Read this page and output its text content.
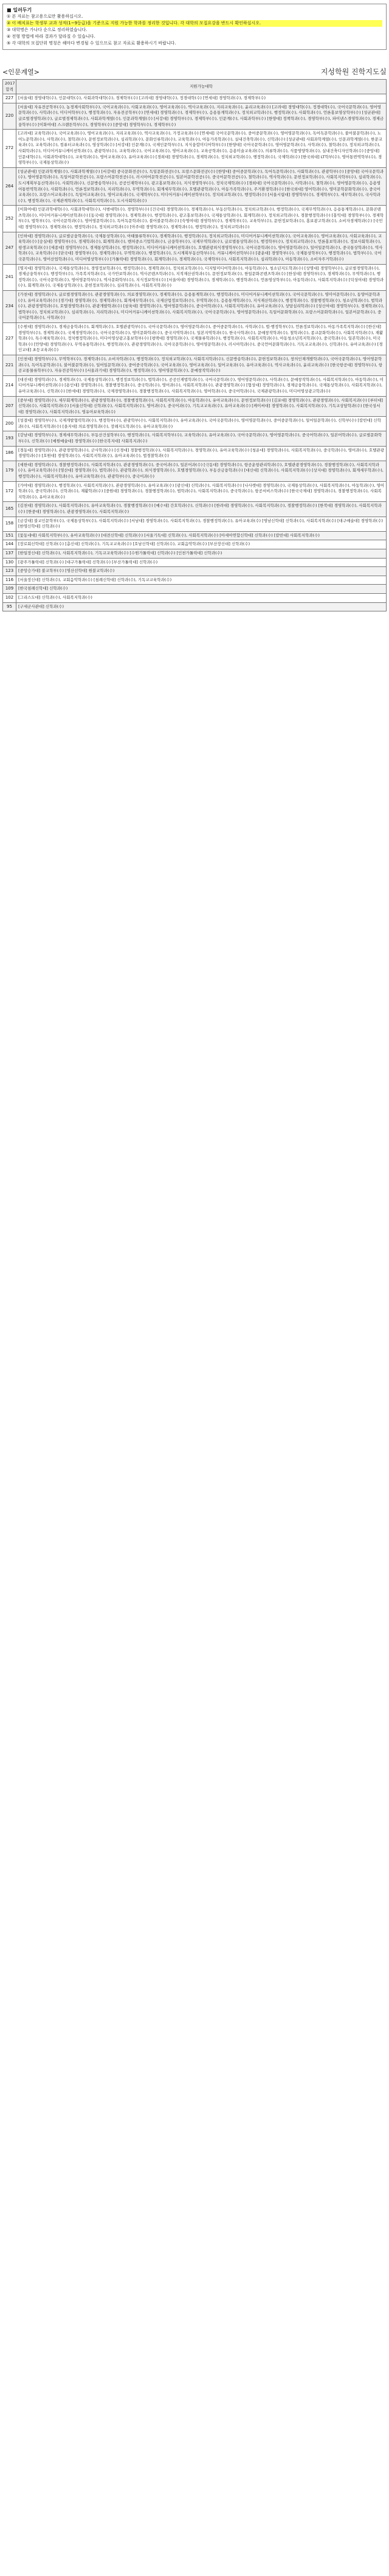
■ 일러두기
① 본 자료는 참고용으로만 활용하십시오.
② 이 배치표는 학생부 교과 성적(1~9등급)을 기준으로 지원 가능한 학과를 정리한 것입니다. 각 대학의 모집요강을 반드시 확인하십시오.
③ 대학명은 가나다 순으로 정리하였습니다.
④ 전형 방법에 따라 결과가 달라질 수 있습니다.
⑤ 각 대학의 모집단위 명칭은 해마다 변경될 수 있으므로 참고 자료로 활용하시기 바랍니다.
<인문계열>	지성학원 진학지도실
2017 합격	지원가능대학
227	[서울대] 경영대학(수), 인문대학(수), 사회과학대학(수), 경제학부(수) [고려대] 경영대학(수), 정경대학(수) [연세대] 경영학과(수), 경제학부(수)
220	[서울대] 자유전공학부(수), 농경제사회학부(수), 국어교육과(수), 사회교육과(수), 영어교육과(수), 역사교육과(수), 지리교육과(수), 윤리교육과(수) [고려대] 경영대학(수), 정경대학(수), 국어국문학과(수), 영어영문학과(수), 사학과(수), 미디어학부(수), 행정학과(수), 자유전공학부(수) [연세대] 경영학과(수), 경제학부(수), 응용통계학과(수), 정치외교학과(수), 행정학과(수), 사회학과(수), 언론홍보영상학부(수) [성균관대] 글로벌경영학과(수), 글로벌경제학과(수), 사회과학계열(수), 인문과학계열(수) [서강대] 경영학부(수), 경제학부(수), 인문계(수), 사회과학부(수) [한양대] 정책학과(수), 경영학부(수), 파이낸스경영학과(수), 경제금융학부(수) [이화여대] 스크랜튼학부(수), 경영학부(수) [중앙대] 경영학부(수), 경제학부(수)
272	[고려대] 교육학과(수), 국어교육과(수), 영어교육과(수), 지리교육과(수), 역사교육과(수), 가정교육과(수) [연세대] 국어국문학과(수), 중어중문학과(수), 영어영문학과(수), 독어독문학과(수), 불어불문학과(수), 노어노문학과(수), 사학과(수), 철학과(수), 문헌정보학과(수), 심리학과(수), 문화인류학과(수), 교육학과(수), 아동가족학과(수), 실내건축학과(수), 신학과(수) [성균관대] 사회과학계열(수), 인문과학계열(수), 한문교육과(수), 교육학과(수), 컴퓨터교육과(수), 영상학과(수) [서강대] 인문계(수), 국제인문학부(수), 지식융합미디어학부(수) [한양대] 국어국문학과(수), 영어영문학과(수), 사학과(수), 철학과(수), 정치외교학과(수), 사회학과(수), 미디어커뮤니케이션학과(수), 관광학부(수), 교육학과(수), 국어교육과(수), 영어교육과(수), 교육공학과(수), 응용미술교육과(수), 의류학과(수), 식품영양학과(수), 실내건축디자인학과(수) [중앙대] 인문대학(수), 사회과학대학(수), 교육학과(수), 영어교육과(수), 유아교육과(수) [경희대] 경영학과(수), 경제학과(수), 정치외교학과(수), 행정학과(수), 국제학과(수) [한국외대] LT학부(수), 영어통번역학부(수), 경영학부(수), 국제통상학과(수)
264	[성균관대] 인문과학계열(수), 사회과학계열(수) [서강대] 중국문화전공(수), 독일문화전공(수), 프랑스문화전공(수) [한양대] 중어중문학과(수), 독어독문학과(수), 사회학과(수), 관광학부(수) [중앙대] 국어국문학과(수), 영어영문학과(수), 독일어문학전공(수), 프랑스어문학전공(수), 러시아어문학전공(수), 일본어문학전공(수), 중국어문학전공(수), 철학과(수), 역사학과(수), 문헌정보학과(수), 사회복지학부(수), 심리학과(수), 도시계획부동산학과(수), 사회학과(수), 신문방송학부(수), 공공인재학부(수), 광고홍보학과(수), 지식경영학부(수), 정치국제학과(수) [경희대] 국어국문학과(수), 사학과(수), 철학과(수), 영어영문학과(수), 응용영어통번역학과(수), 사회학과(수), 언론정보학과(수), 지리학과(수), 무역학과(수), 회계세무학과(수), 호텔관광학과(수), 아동가족학과(수), 주거환경학과(수) [한국외대] 영어학과(수), 영미문학문화학과(수), 중국어교육과(수), 프랑스어교육과(수), 독일어교육과(수), 영어교육과(수), 국제학부(수), 미디어커뮤니케이션학부(수), 정치외교학과(수), 행정학과(수) [서울시립대] 경영학부(수), 경제학부(수), 세무학과(수), 국사학과(수), 행정학과(수), 국제관계학과(수), 사회복지학과(수), 도시사회학과(수)
252	[이화여대] 인문과학대학(수), 사회과학대학(수), 사범대학(수), 경영학부(수) [건국대] 경영학과(수), 경제학과(수), 부동산학과(수), 정치외교학과(수), 행정학과(수), 국제무역학과(수), 응용통계학과(수), 문화콘텐츠학과(수), 미디어커뮤니케이션학과(수) [동국대] 경영학과(수), 경제학과(수), 행정학과(수), 광고홍보학과(수), 국제통상학과(수), 회계학과(수), 정치외교학과(수), 경찰행정학과(수) [홍익대] 경영학부(수), 경제학부(수), 법학부(수), 국어국문학과(수), 영어영문학과(수), 독어독문학과(수), 불어불문학과(수) [숙명여대] 경영학부(수), 경제학부(수), 교육학부(수), 문헌정보학과(수), 홍보광고학과(수), 소비자경제학과(수) [국민대] 경영학부(수), 경제학과(수), 행정학과(수), 정치외교학과(수) [아주대] 경영학과(수), 경제학과(수), 행정학과(수), 정치외교학과(수)
247	[인하대] 경영학과(수), 글로벌금융학과(수), 국제통상학과(수), 아태물류학부(수), 경제학과(수), 행정학과(수), 정치외교학과(수), 미디어커뮤니케이션학과(수), 국어교육과(수), 영어교육과(수), 사회교육과(수), 교육학과(수) [숭실대] 경영학부(수), 경제학과(수), 회계학과(수), 벤처중소기업학과(수), 금융학부(수), 국제무역학과(수), 글로벌통상학과(수), 행정학부(수), 정치외교학과(수), 언론홍보학과(수), 정보사회학과(수), 평생교육학과(수) [세종대] 경영학부(수), 경제통상학과(수), 행정학과(수), 미디어커뮤니케이션학과(수), 호텔관광외식경영학부(수), 국어국문학과(수), 영어영문학과(수), 일어일문학과(수), 중국통상학과(수), 역사학과(수), 교육학과(수) [단국대] 경영학부(수), 경제학과(수), 무역학과(수), 행정학과(수), 도시계획부동산학부(수), 커뮤니케이션학부(수) [광운대] 경영학부(수), 국제통상학부(수), 행정학과(수), 법학부(수), 국어국문학과(수), 영어산업학과(수), 미디어영상학부(수) [가톨릭대] 경영학과(수), 회계학과(수), 경제학과(수), 국제학부(수), 사회복지학과(수), 심리학과(수), 아동학과(수), 소비자주거학과(수)
241	[명지대] 경영학과(수), 국제통상학과(수), 경영정보학과(수), 행정학과(수), 경제학과(수), 정치외교학과(수), 디지털미디어학과(수), 아동학과(수), 청소년지도학과(수) [상명대] 경영학부(수), 글로벌경영학과(수), 경제금융학부(수), 행정학부(수), 가족복지학과(수), 국가안보학과(수), 역사콘텐츠학과(수), 지적재산권학과(수), 문헌정보학과(수), 한일문화콘텐츠학과(수) [한성대] 경영학부(수), 경제학과(수), 무역학과(수), 행정학과(수), 국어국문학과(수), 영어영문학부(수), 역사문화학부(수), 지식정보학부(수) [서울여대] 경영학과(수), 경제학과(수), 행정학과(수), 언론영상학부(수), 아동학과(수), 사회복지학과(수) [덕성여대] 경영학과(수), 회계학과(수), 국제통상학과(수), 문헌정보학과(수), 심리학과(수), 사회복지학과(수)
234	[가천대] 경영학과(수), 글로벌경영학과(수), 관광경영학과(수), 의료경영학과(수), 경제학과(수), 응용통계학과(수), 행정학과(수), 미디어커뮤니케이션학과(수), 국어국문학과(수), 영미어문학과(수), 동양어문학과(수), 유아교육학과(수) [경기대] 경영학과(수), 경제학과(수), 회계세무학과(수), 국제산업정보학과(수), 무역학과(수), 응용통계학과(수), 지식재산학과(수), 행정학과(수), 경찰행정학과(수), 청소년학과(수), 법학과(수), 관광경영학과(수), 호텔경영학과(수), 관광개발학과(수) [삼육대] 경영학과(수), 영어영문학과(수), 중국어학과(수), 사회복지학과(수), 유아교육과(수), 상담심리학과(수) [성신여대] 경영학부(수), 경제학과(수), 법학부(수), 정치외교학과(수), 심리학과(수), 지리학과(수), 미디어커뮤니케이션학과(수), 사회복지학과(수), 국어국문학과(수), 영어영문학과(수), 독일어문화학과(수), 프랑스어문화학과(수), 일본어문학과(수), 중국어문학과(수), 사학과(수)
227	[수원대] 경영학과(수), 경제금융학과(수), 회계학과(수), 호텔관광학부(수), 국어국문학과(수), 영어영문학과(수), 중어중문학과(수), 사학과(수), 법·행정학부(수), 언론정보학과(수), 아동가족복지학과(수) [한신대] 경영학부(수), 경제학과(수), 국제경영학과(수), 국어국문학과(수), 영미문화학과(수), 중국지역학과(수), 일본지역학과(수), 한국사학과(수), 문예창작학과(수), 철학과(수), 종교문화학과(수), 사회복지학과(수), 재활학과(수), 특수체육학과(수), 정치행정학과(수), 미디어영상광고홍보학부(수) [평택대] 경영학과(수), 국제물류학과(수), 행정학과(수), 사회복지학과(수), 아동청소년복지학과(수), 중국학과(수), 일본학과(수), 미국학과(수) [안양대] 경영학과(수), 무역유통학과(수), 행정학과(수), 관광경영학과(수), 국어국문학과(수), 영어영문학과(수), 러시아학과(수), 중국언어문화학과(수), 기독교교육과(수), 신학과(수), 유아교육과(수) [경인교대] 초등교육과(수)
221	[인천대] 경영학부(수), 무역학부(수), 경제학과(수), 소비자학과(수), 행정학과(수), 정치외교학과(수), 사회복지학과(수), 신문방송학과(수), 문헌정보학과(수), 창의인재개발학과(수), 국어국문학과(수), 영어영문학과(수), 독어독문학과(수), 불어불문학과(수), 일어일문학과(수), 중어중국학과(수), 국어교육과(수), 영어교육과(수), 일어교육과(수), 유아교육과(수), 역사교육과(수), 윤리교육과(수) [한국항공대] 경영학부(수), 항공교통물류학부(수), 자유전공학부(수) [서울과기대] 경영학과(수), 행정학과(수), 영어영문학과(수), 문예창작학과(수)
214	[대진대] 경영학과(수), 경제학과(수), 국제통상학과(수), 행정정보학과(수), 법학과(수), 공공인재법학과(수), 국어국문학과(수), 영어영문학과(수), 사학과(수), 문예창작학과(수), 사회복지학과(수), 아동학과(수), 미디어커뮤니케이션학과(수) [용인대] 경영학과(수), 경찰행정학과(수), 중국학과(수), 영어과(수), 사회복지학과(수), 관광경영학과(수) [협성대] 경영학과(수), 경제금융학과(수), 국제통상학과(수), 사회복지학과(수), 유아교육과(수), 신학과(수) [한세대] 경영학과(수), 국제경영학과(수), 경찰행정학과(수), 사회복지학과(수), 영어학과(수), 중국어학과(수), 국제관광학과(수), 미디어영상광고학과(수)
207	[중부대] 경영학과(수), 세무회계학과(수), 관광경영학과(수), 경찰행정학과(수), 사회복지학과(수), 아동학과(수), 유아교육과(수), 문헌정보학과(수) [김포대] 경영학과(수), 관광경영과(수), 사회복지과(수) [루터대] 신학과(수), 사회복지학과(수) [서울신학대] 신학과(수), 사회복지학과(수), 영어과(수), 중국어과(수), 기독교교육과(수), 유아교육과(수) [케이씨대] 경영학과(수), 사회복지학과(수), 기독교상담학과(수) [한국성서대] 경영학과(수), 사회복지학과(수), 영유아보육학과(수)
200	[성결대] 경영학부(수), 국제개발협력학과(수), 행정학부(수), 관광학부(수), 사회복지학과(수), 유아교육과(수), 국어국문학과(수), 영어영문학과(수), 중어중문학과(수), 일어일문학과(수), 신학부(수) [칼빈대] 신학과(수), 사회복지학과(수) [을지대] 의료경영학과(수), 장례지도학과(수), 유아교육학과(수)
193	[강남대] 경영학부(수), 경제세무학과(수), 부동산건설학부(수), 행정학과(수), 사회복지학부(수), 교육학과(수), 유아교육과(수), 국어국문학과(수), 영어영문학과(수), 중국어학과(수), 일본어학과(수), 글로벌문화학부(수), 신학과(수) [예원예술대] 경영학과(수) [한국복지대] 사회복지과(수)
186	[경동대] 경영학과(수), 관광경영학과(수), 군사학과(수) [신경대] 경찰행정학과(수), 사회복지학과(수), 경영학과(수), 유아교육학과(수) [청운대] 경영학과(수), 사회복지학과(수), 중국학과(수), 영어과(수), 호텔관광경영학과(수) [호원대] 경영학과(수), 사회복지학과(수), 유아교육과(수), 법경찰학과(수)
179	[세한대] 경영학과(수), 경찰행정학과(수), 사회복지학과(수), 관광경영학과(수), 중국어과(수), 일본어과(수) [극동대] 경영학과(수), 항공운항관리학과(수), 호텔관광경영학과(수), 경찰행정학과(수), 사회복지학과(수), 유아교육학과(수) [영산대] 경영학과(수), 법학과(수), 관광학과(수), 외식경영학과(수), 호텔경영학과(수), 부동산금융학과(수) [대신대] 신학과(수), 사회복지학과(수) [상지대] 경영학과(수), 회계세무학과(수), 행정학과(수), 사회복지학과(수), 유아교육학과(수), 관광학부(수), 중국어과(수)
172	[가야대] 경영학과(수), 행정학과(수), 사회복지학과(수), 관광경영학과(수), 유아교육과(수) [광신대] 신학과(수), 사회복지학과(수) [나사렛대] 경영학과(수), 국제통상학과(수), 사회복지학과(수), 아동학과(수), 영어학과(수), 중국학과(수), 신학과(수), 재활학과(수) [중원대] 경영학과(수), 경찰행정학과(수), 법학과(수), 사회복지학과(수), 중국학과(수), 항공서비스학과(수) [한국국제대] 경영학과(수), 경찰행정학과(수), 사회복지학과(수), 유아교육과(수)
165	[김천대] 경영학과(수), 사회복지학과(수), 유아교육학과(수), 경찰행정학과(수) [예수대] 간호학과(수), 신학과(수) [한려대] 경영학과(수), 사회복지학과(수), 경찰행정학과(수) [한북대] 경영학과(수), 사회복지학과(수) [한중대] 경영학과(수), 관광경영학과(수), 사회복지학과(수)
158	[금강대] 불교인문학부(수), 국제통상학부(수), 사회복지학과(수) [서남대] 경영학과(수), 사회복지학과(수), 경찰행정학과(수), 유아교육과(수) [영남신학대] 신학과(수), 사회복지학과(수) [대구예술대] 경영학과(수) [한영신학대] 신학과(수)
151	[꽃동네대] 사회복지학부(수), 유아교육학과(수) [대전신학대] 신학과(수) [서울기독대] 신학과(수), 사회복지학과(수) [아세아연합신학대] 신학과(수) [칼빈대] 사회복지학과(수)
144	[장로회신학대] 신학과(수) [총신대] 신학과(수), 기독교교육과(수) [호남신학대] 신학과(수), 교회음악학과(수) [부산장신대] 신학과(수)
137	[한일장신대] 신학과(수), 사회복지학과(수), 기독교교육학과(수) [수원가톨릭대] 신학과(수) [인천가톨릭대] 신학과(수)
130	[광주가톨릭대] 신학과(수) [대구가톨릭대] 신학과(수) [부산가톨릭대] 신학과(수)
123	[중앙승가대] 불교학부(수) [영산선학대] 원불교학과(수)
116	[서울장신대] 신학과(수), 교회음악학과(수) [침례신학대] 신학과(수), 기독교교육학과(수)
109	[한국침례신학대] 신학과(수)
102	[그리스도대] 신학과(수), 사회복지학과(수)
95	[구세군사관대] 신학과(수)
